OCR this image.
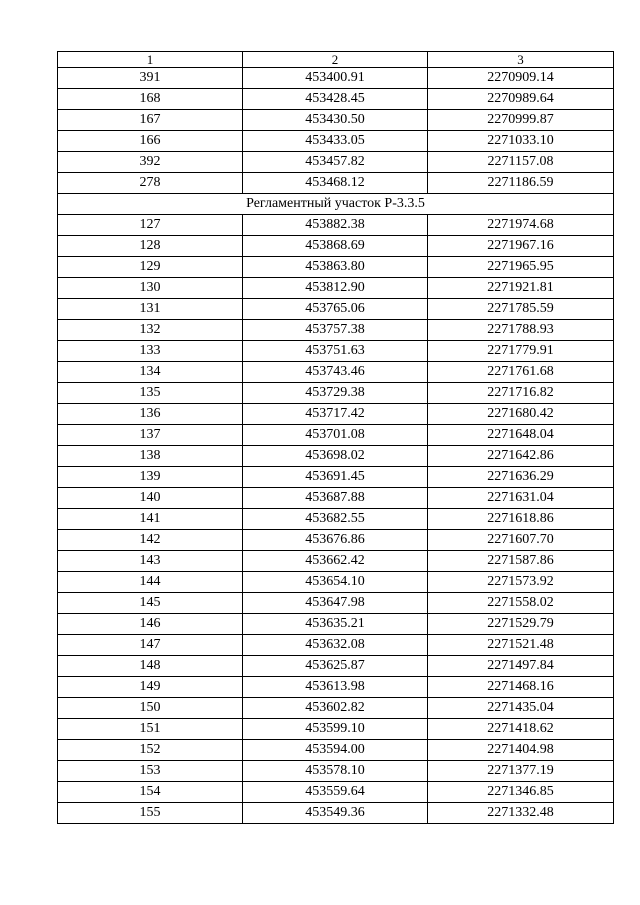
1	2	3
391	453400.91	2270909.14
168	453428.45	2270989.64
167	453430.50	2270999.87
166	453433.05	2271033.10
392	453457.82	2271157.08
278	453468.12	2271186.59
Регламентный участок Р-3.3.5		
127	453882.38	2271974.68
128	453868.69	2271967.16
129	453863.80	2271965.95
130	453812.90	2271921.81
131	453765.06	2271785.59
132	453757.38	2271788.93
133	453751.63	2271779.91
134	453743.46	2271761.68
135	453729.38	2271716.82
136	453717.42	2271680.42
137	453701.08	2271648.04
138	453698.02	2271642.86
139	453691.45	2271636.29
140	453687.88	2271631.04
141	453682.55	2271618.86
142	453676.86	2271607.70
143	453662.42	2271587.86
144	453654.10	2271573.92
145	453647.98	2271558.02
146	453635.21	2271529.79
147	453632.08	2271521.48
148	453625.87	2271497.84
149	453613.98	2271468.16
150	453602.82	2271435.04
151	453599.10	2271418.62
152	453594.00	2271404.98
153	453578.10	2271377.19
154	453559.64	2271346.85
155	453549.36	2271332.48
